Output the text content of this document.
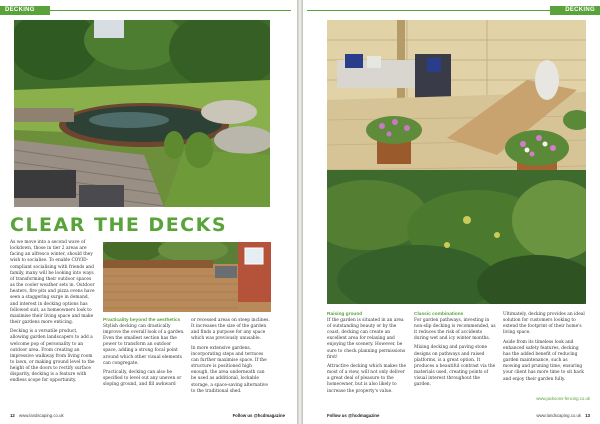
DECKING
CLEAR THE DECKS

As we move into a second wave of lockdown, those in tier 2 areas are facing an alfresco winter, should they wish to socialise. To enable COVID-compliant socialising with friends and family, many will be looking into ways of transforming their outdoor spaces as the cooler weather sets in. Outdoor heaters, fire pits and pizza ovens have seen a staggering surge in demand, and interest in decking options has followed suit, as homeowners look to maximise their living space and make their gardens more enticing.

Decking is a versatile product, allowing garden landscapers to add a welcome pop of personality to an outdoor area. From creating an impressive walkway from living room to lawn, or making ground level to the height of the doors to rectify surface disparity, decking is a feature with endless scope for opportunity.

Practicality beyond the aesthetics

Stylish decking can drastically improve the overall look of a garden. Even the smallest section has the power to transform an outdoor space, adding a strong focal point around which other visual elements can congregate.

Practically, decking can also be specified to level out any uneven or sloping ground, and fill awkward

or recessed areas on steep inclines. It increases the size of the garden and finds a purpose for any space which was previously unusable.

In more extensive gardens, incorporating steps and terraces can further maximise space. If the structure is positioned high enough, the area underneath can be used as additional, lockable storage, a space-saving alternative to the traditional shed.

12 www.landscaping.co.uk	Follow us @hcdmagazine
DECKING

Raising ground

If the garden is situated in an area of outstanding beauty or by the coast, decking can create an excellent area for relaxing and enjoying the scenery. However, be sure to check planning permissions first!

Attractive decking which makes the most of a view, will not only deliver a great deal of pleasure to the homeowner, but is also likely to increase the property's value.

Classic combinations

For garden pathways, investing in non-slip decking is recommended, as it reduces the risk of accidents during wet and icy winter months.

Mixing decking and paving stone designs on pathways and raised platforms, is a great option. It produces a beautiful contrast via the materials used, creating points of visual interest throughout the garden.

Ultimately, decking provides an ideal solution for customers looking to extend the footprint of their home's living space.

Aside from its timeless look and enhanced safety features, decking has the added benefit of reducing garden maintenance, such as mowing and pruning time, ensuring your client has more time to sit back and enjoy their garden fully.

www.jacksons-fencing.co.uk
Follow us @hcdmagazine	www.landscaping.co.uk 13
